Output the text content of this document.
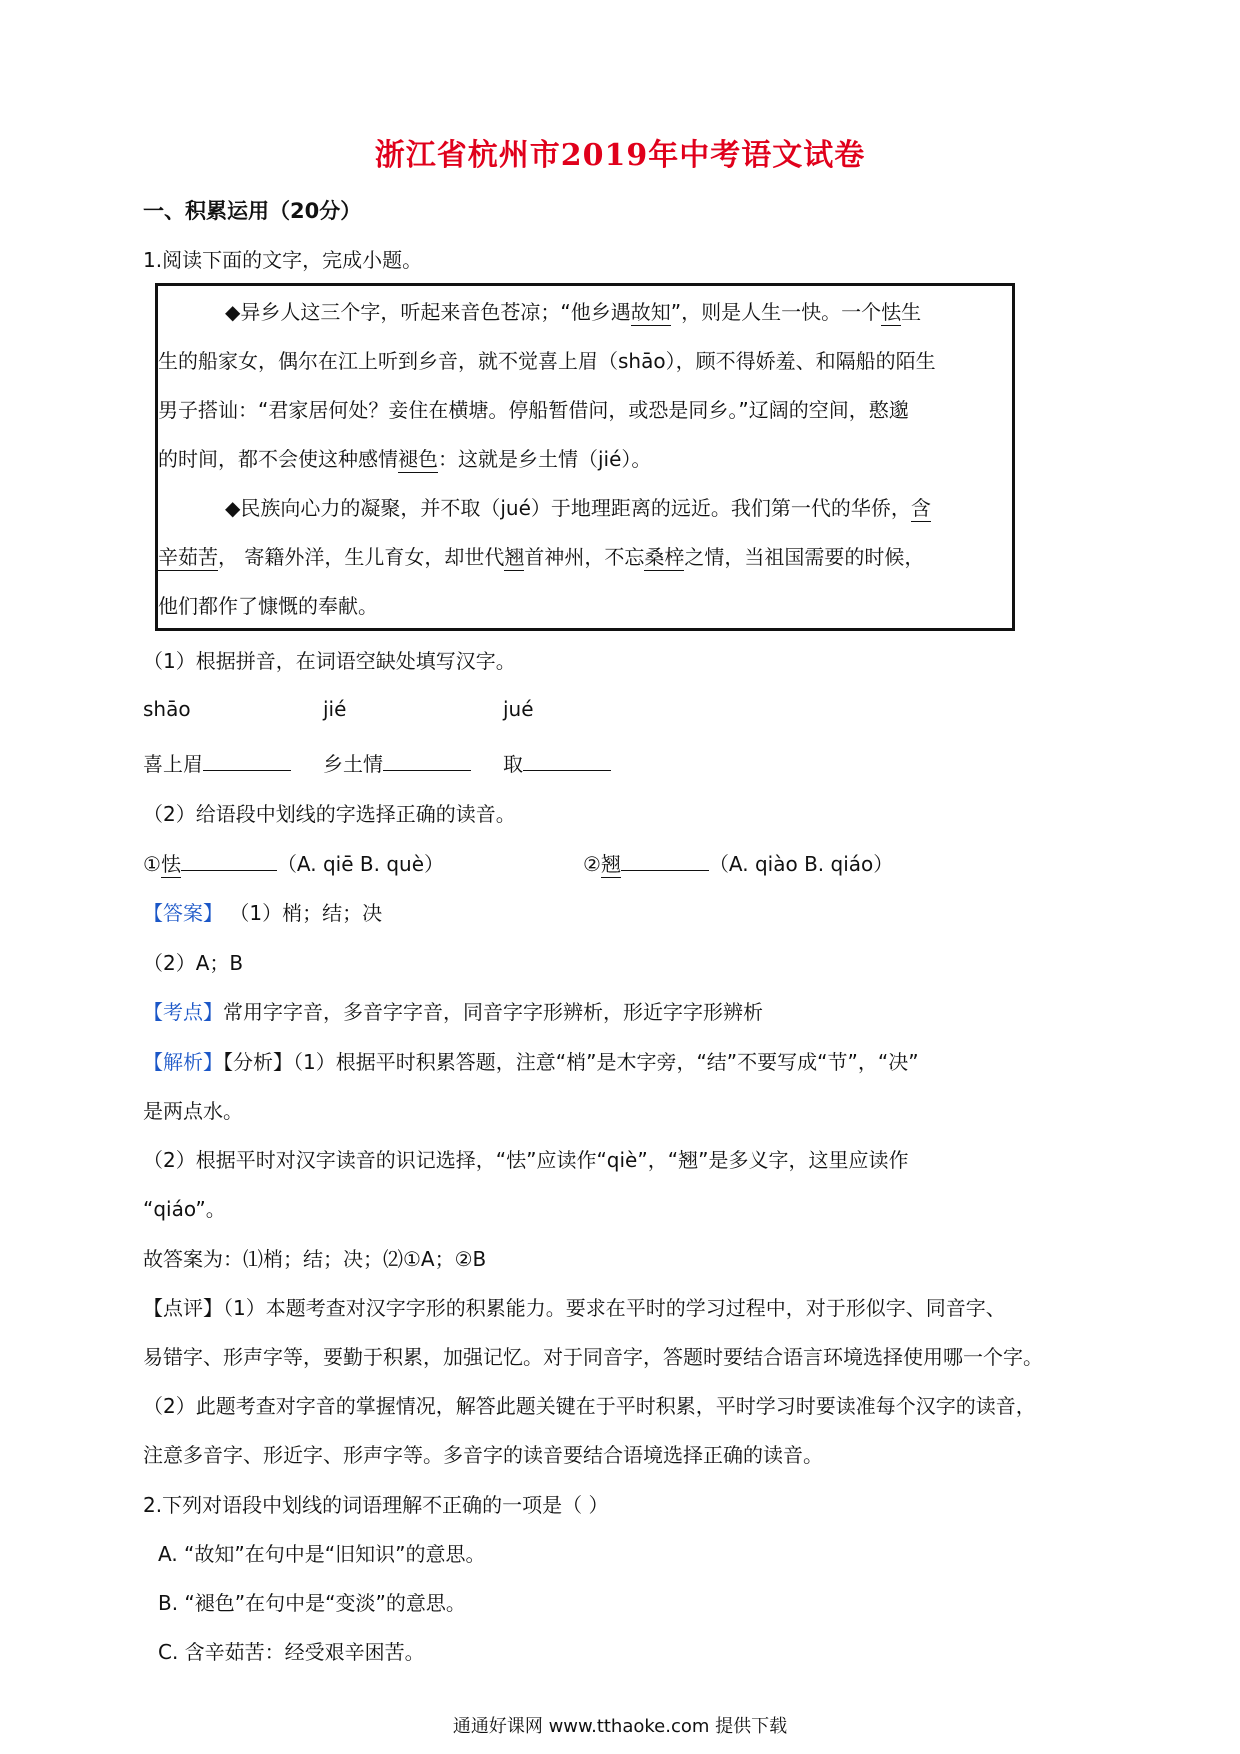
浙江省杭州市2019年中考语文试卷
一、积累运用（20分）
1.阅读下面的文字，完成小题。
◆异乡人这三个字，听起来音色苍凉；“他乡遇故知”，则是人生一快。一个怯生
生的船家女，偶尔在江上听到乡音，就不觉喜上眉（shāo），顾不得娇羞、和隔船的陌生
男子搭讪：“君家居何处？妾住在横塘。停船暂借问，或恐是同乡。”辽阔的空间，憨邈
的时间，都不会使这种感情褪色：这就是乡土情（jié）。
◆民族向心力的凝聚，并不取（jué）于地理距离的远近。我们第一代的华侨，含
辛茹苦， 寄籍外洋，生儿育女，却世代翘首神州，不忘桑梓之情，当祖国需要的时候，
他们都作了慷慨的奉献。
（1）根据拼音，在词语空缺处填写汉字。
shāo	jié	jué
喜上眉	乡土情	取
（2）给语段中划线的字选择正确的读音。
①怯	（A. qiē B. què）	②翘	（A. qiào B. qiáo）
【答案】 （1）梢；结；决
（2）A；B
【考点】常用字字音，多音字字音，同音字字形辨析，形近字字形辨析
【解析】【分析】（1）根据平时积累答题，注意“梢”是木字旁，“结”不要写成“节”，“决”
是两点水。
（2）根据平时对汉字读音的识记选择，“怯”应读作“qiè”，“翘”是多义字，这里应读作
“qiáo”。
故答案为：⑴梢；结；决；⑵①A；②B
【点评】（1）本题考查对汉字字形的积累能力。要求在平时的学习过程中，对于形似字、同音字、
易错字、形声字等，要勤于积累，加强记忆。对于同音字，答题时要结合语言环境选择使用哪一个字。
（2）此题考查对字音的掌握情况，解答此题关键在于平时积累，平时学习时要读准每个汉字的读音，
注意多音字、形近字、形声字等。多音字的读音要结合语境选择正确的读音。
2.下列对语段中划线的词语理解不正确的一项是（ ）
A. “故知”在句中是“旧知识”的意思。
B. “褪色”在句中是“变淡”的意思。
C. 含辛茹苦：经受艰辛困苦。
通通好课网 www.tthaoke.com 提供下载
